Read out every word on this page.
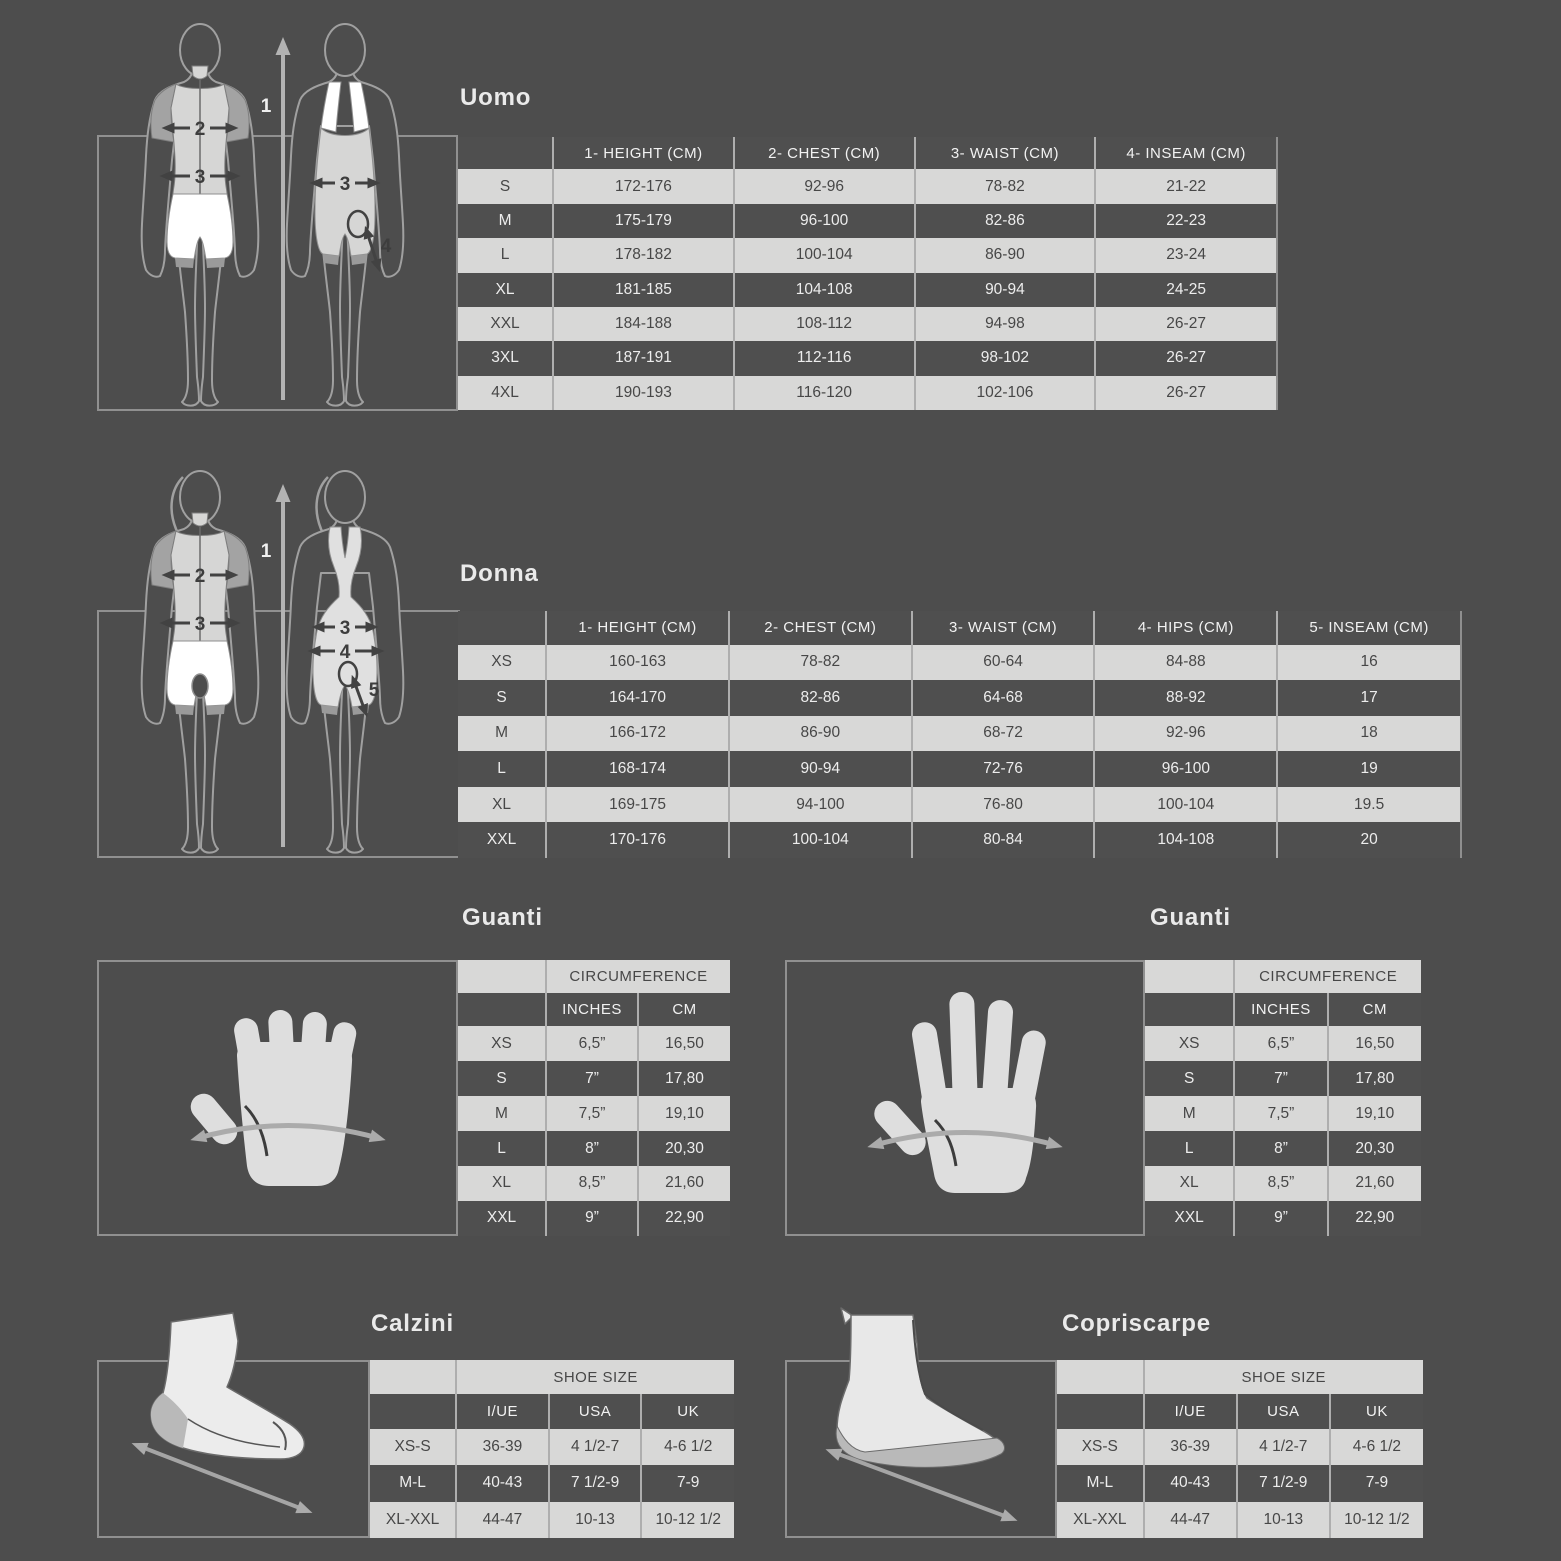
2
3
1
3
4
Uomo
	1- HEIGHT (CM)	2- CHEST (CM)	3- WAIST (CM)	4- INSEAM (CM)
S	172-176	92-96	78-82	21-22
M	175-179	96-100	82-86	22-23
L	178-182	100-104	86-90	23-24
XL	181-185	104-108	90-94	24-25
XXL	184-188	108-112	94-98	26-27
3XL	187-191	112-116	98-102	26-27
4XL	190-193	116-120	102-106	26-27
2
3
1
3
4
5
Donna
	1- HEIGHT (CM)	2- CHEST (CM)	3- WAIST (CM)	4- HIPS (CM)	5- INSEAM (CM)
XS	160-163	78-82	60-64	84-88	16
S	164-170	82-86	64-68	88-92	17
M	166-172	86-90	68-72	92-96	18
L	168-174	90-94	72-76	96-100	19
XL	169-175	94-100	76-80	100-104	19.5
XXL	170-176	100-104	80-84	104-108	20
Guanti
	CIRCUMFERENCE	
	INCHES	CM
XS	6,5”	16,50
S	7”	17,80
M	7,5”	19,10
L	8”	20,30
XL	8,5”	21,60
XXL	9”	22,90
Guanti
	CIRCUMFERENCE	
	INCHES	CM
XS	6,5”	16,50
S	7”	17,80
M	7,5”	19,10
L	8”	20,30
XL	8,5”	21,60
XXL	9”	22,90
Calzini
	SHOE SIZE		
	I/UE	USA	UK
XS-S	36-39	4 1/2-7	4-6 1/2
M-L	40-43	7 1/2-9	7-9
XL-XXL	44-47	10-13	10-12 1/2
Copriscarpe
	SHOE SIZE		
	I/UE	USA	UK
XS-S	36-39	4 1/2-7	4-6 1/2
M-L	40-43	7 1/2-9	7-9
XL-XXL	44-47	10-13	10-12 1/2
